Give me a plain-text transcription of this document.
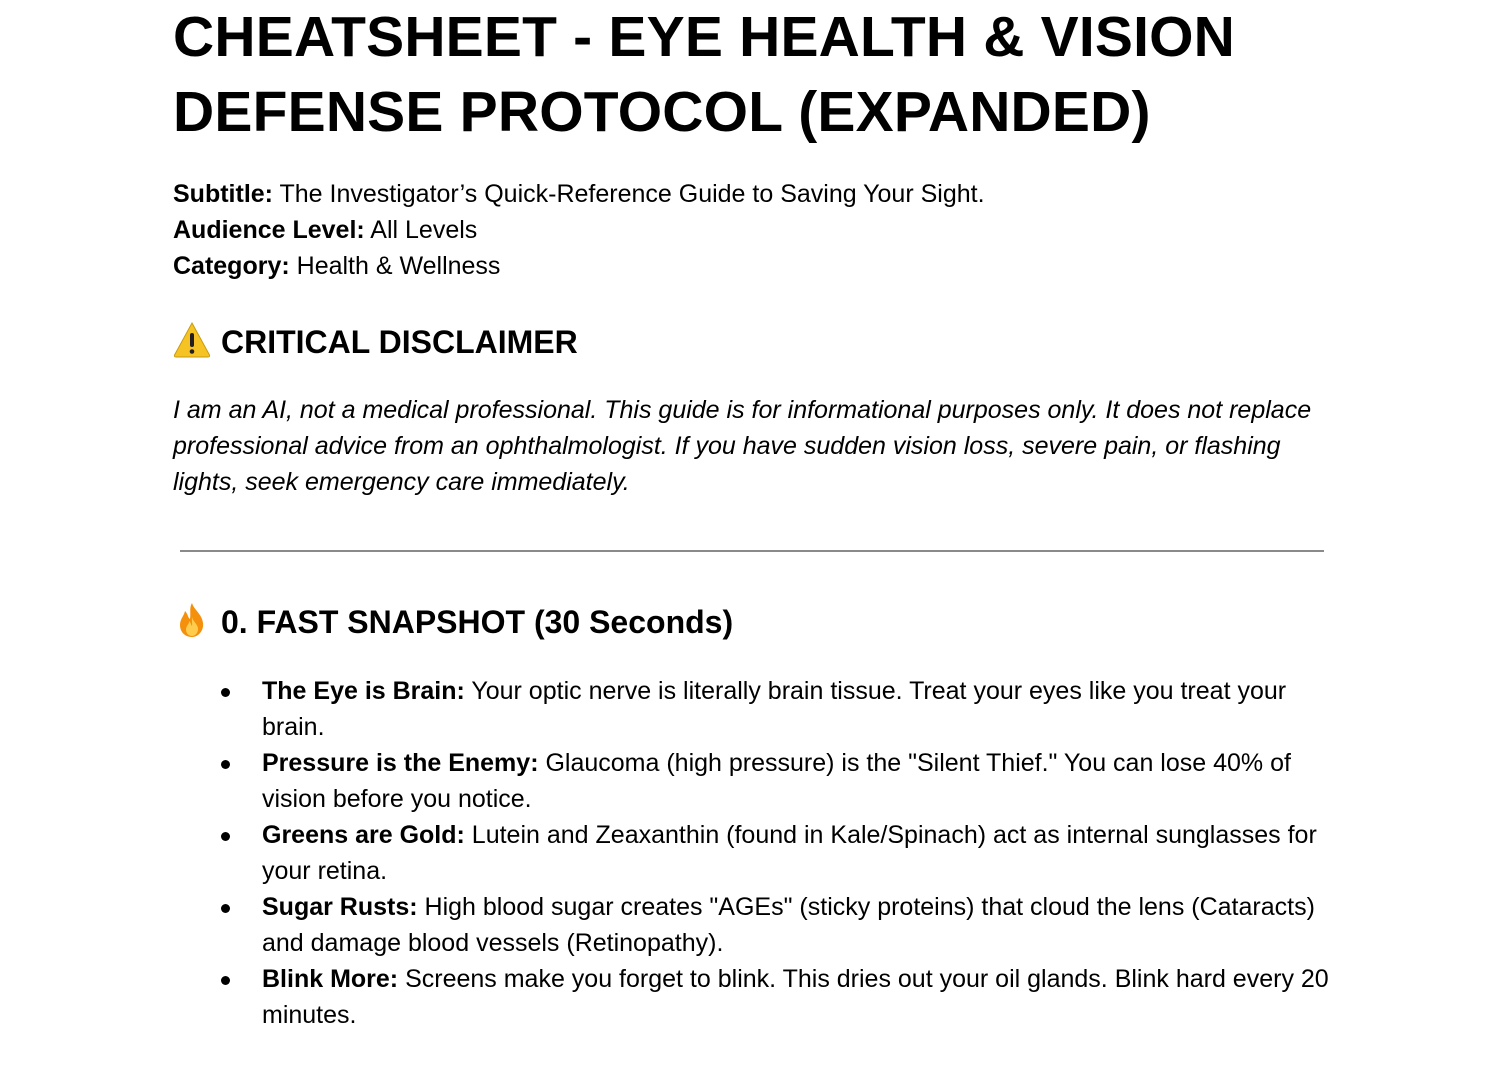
CHEATSHEET - EYE HEALTH & VISION DEFENSE PROTOCOL (EXPANDED)
Subtitle: The Investigator’s Quick-Reference Guide to Saving Your Sight.
Audience Level: All Levels
Category: Health & Wellness
CRITICAL DISCLAIMER

I am an AI, not a medical professional. This guide is for informational purposes only. It does not replace professional advice from an ophthalmologist. If you have sudden vision loss, severe pain, or flashing lights, seek emergency care immediately.

0. FAST SNAPSHOT (30 Seconds)
The Eye is Brain: Your optic nerve is literally brain tissue. Treat your eyes like you treat your brain.
Pressure is the Enemy: Glaucoma (high pressure) is the "Silent Thief." You can lose 40% of vision before you notice.
Greens are Gold: Lutein and Zeaxanthin (found in Kale/Spinach) act as internal sunglasses for your retina.
Sugar Rusts: High blood sugar creates "AGEs" (sticky proteins) that cloud the lens (Cataracts) and damage blood vessels (Retinopathy).
Blink More: Screens make you forget to blink. This dries out your oil glands. Blink hard every 20 minutes.
